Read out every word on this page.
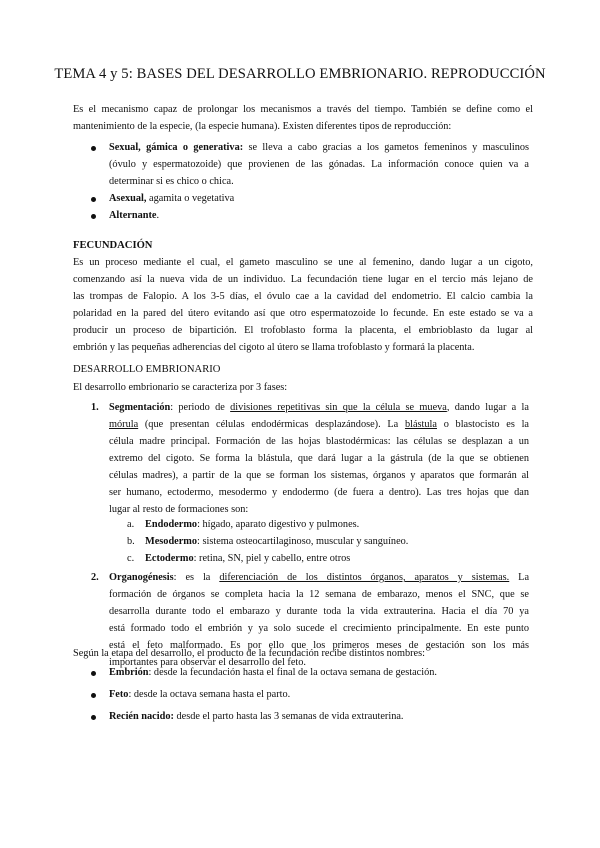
TEMA 4 y 5: BASES DEL DESARROLLO EMBRIONARIO. REPRODUCCIÓN
Es el mecanismo capaz de prolongar los mecanismos a través del tiempo. También se define como el
mantenimiento de la especie, (la especie humana). Existen diferentes tipos de reproducción:
Sexual, gámica o generativa: se lleva a cabo gracias a los gametos femeninos y masculinos
(óvulo y espermatozoide) que provienen de las gónadas. La información conoce quien va a
determinar si es chico o chica.
Asexual, agamita o vegetativa
Alternante.
FECUNDACIÓN
Es un proceso mediante el cual, el gameto masculino se une al femenino, dando lugar a un cigoto,
comenzando así la nueva vida de un individuo. La fecundación tiene lugar en el tercio más lejano de
las trompas de Falopio. A los 3-5 días, el óvulo cae a la cavidad del endometrio. El calcio cambia la
polaridad en la pared del útero evitando así que otro espermatozoide lo fecunde. En este estado se va a
producir un proceso de bipartición. El trofoblasto forma la placenta, el embrioblasto da lugar al
embrión y las pequeñas adherencias del cigoto al útero se llama trofoblasto y formará la placenta.
DESARROLLO EMBRIONARIO
El desarrollo embrionario se caracteriza por 3 fases:
1. Segmentación: periodo de divisiones repetitivas sin que la célula se mueva, dando lugar a la
mórula (que presentan células endodérmicas desplazándose). La blástula o blastocisto es la
célula madre principal. Formación de las hojas blastodérmicas: las células se desplazan a un
extremo del cigoto. Se forma la blástula, que dará lugar a la gástrula (de la que se obtienen
células madres), a partir de la que se forman los sistemas, órganos y aparatos que formarán al
ser humano, ectodermo, mesodermo y endodermo (de fuera a dentro). Las tres hojas que dan
lugar al resto de formaciones son:
a. Endodermo: hígado, aparato digestivo y pulmones.
b. Mesodermo: sistema osteocartilaginoso, muscular y sanguíneo.
c. Ectodermo: retina, SN, piel y cabello, entre otros
2. Organogénesis: es la diferenciación de los distintos órganos, aparatos y sistemas. La
formación de órganos se completa hacia la 12 semana de embarazo, menos el SNC, que se
desarrolla durante todo el embarazo y durante toda la vida extrauterina. Hacia el día 70 ya
está formado todo el embrión y ya solo sucede el crecimiento principalmente. En este punto
está el feto malformado. Es por ello que los primeros meses de gestación son los más
importantes para observar el desarrollo del feto.
Según la etapa del desarrollo, el producto de la fecundación recibe distintos nombres:
Embrión: desde la fecundación hasta el final de la octava semana de gestación.
Feto: desde la octava semana hasta el parto.
Recién nacido: desde el parto hasta las 3 semanas de vida extrauterina.
